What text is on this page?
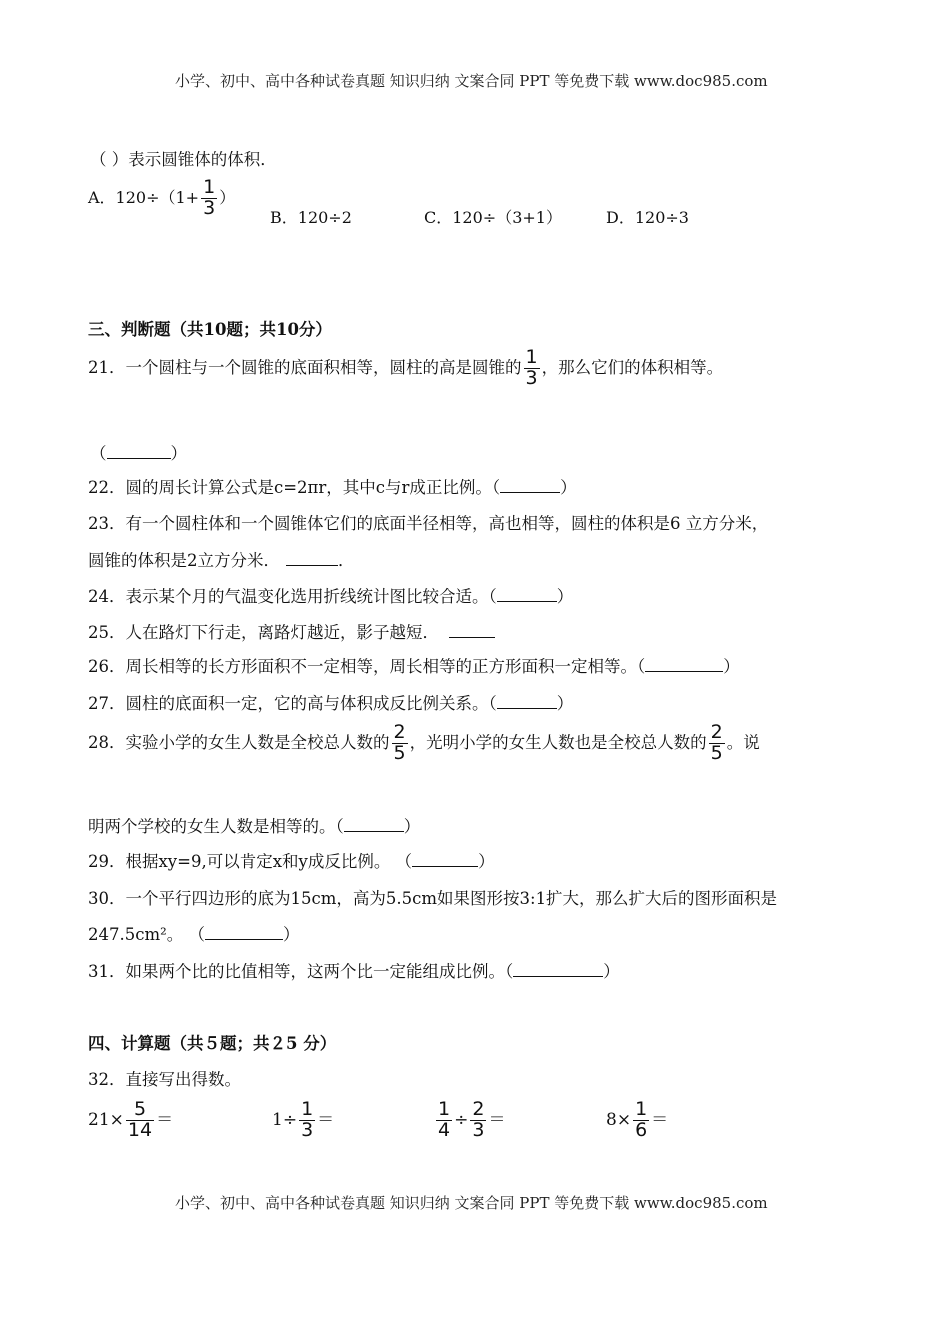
小学、初中、高中各种试卷真题 知识归纳 文案合同 PPT 等免费下载 www.doc985.com
（ ）表示圆锥体的体积．
A．$120\div(1+ \frac{1}{3}$ ）
B．120÷2	C．120÷（3+1）	D．120÷3
三、判断题（共10题；共10分）
21．一个圆柱与一个圆锥的底面积相等，圆柱的高是圆锥的 $\frac{1}{3}$ ，那么它们的体积相等。
（	）
22．圆的周长计算公式是c=2πr，其中c与r成正比例。（	）
23．有一个圆柱体和一个圆锥体它们的底面半径相等，高也相等，圆柱的体积是6 立方分米，
圆锥的体积是2立方分米．	．
24．表示某个月的气温变化选用折线统计图比较合适。（	）
25．人在路灯下行走，离路灯越近，影子越短．
26．周长相等的长方形面积不一定相等，周长相等的正方形面积一定相等。（	）
27．圆柱的底面积一定，它的高与体积成反比例关系。（	）
28．实验小学的女生人数是全校总人数的 $\frac{2}{5}$ ，光明小学的女生人数也是全校总人数的 $\frac{2}{5}$ 。说
明两个学校的女生人数是相等的。（	）
29．根据xy=9,可以肯定x和y成反比例。 （	）
30．一个平行四边形的底为15cm，高为5.5cm如果图形按3:1扩大，那么扩大后的图形面积是
247.5cm²。 （	）
31．如果两个比的比值相等，这两个比一定能组成比例。（	）
四、计算题（共５题；共２5 分）
32．直接写出得数。
$21\times \frac{5}{14}$ ＝	$1\div \frac{1}{3}$ ＝	$\frac{1}{4} \div \frac{2}{3}$ ＝	$8\times \frac{1}{6}$ ＝
小学、初中、高中各种试卷真题 知识归纳 文案合同 PPT 等免费下载 www.doc985.com
